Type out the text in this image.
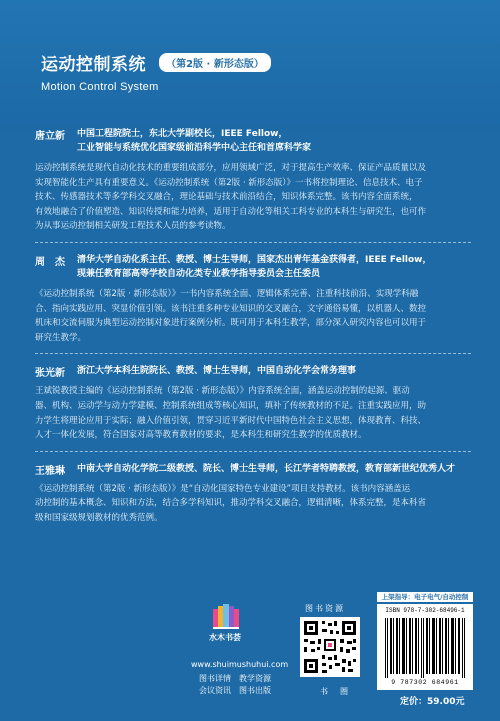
运动控制系统 （第2版 · 新形态版）
Motion Control System
唐立新	中国工程院院士，东北大学副校长，IEEE Fellow，
工业智能与系统优化国家级前沿科学中心主任和首席科学家
运动控制系统是现代自动化技术的重要组成部分，应用领域广泛，对于提高生产效率、保证产品质量以及
实现智能化生产具有重要意义。《运动控制系统（第2版 · 新形态版）》一书将控制理论、信息技术、电子
技术、传感器技术等多学科交叉融合，理论基础与技术前沿结合，知识体系完整。该书内容全面系统，
有效地融合了价值塑造、知识传授和能力培养，适用于自动化等相关工科专业的本科生与研究生，也可作
为从事运动控制相关研发工程技术人员的参考读物。
周　杰	清华大学自动化系主任、教授、博士生导师，国家杰出青年基金获得者，IEEE Fellow，
现兼任教育部高等学校自动化类专业教学指导委员会主任委员
《运动控制系统（第2版 · 新形态版）》一书内容系统全面、逻辑体系完善、注重科技前沿、实现学科融
合、指向实践应用、突显价值引领。该书注重多种专业知识的交叉融合，文字通俗易懂，以机器人、数控
机床和交流伺服为典型运动控制对象进行案例分析。既可用于本科生教学，部分深入研究内容也可以用于
研究生教学。
张光新	浙江大学本科生院院长、教授、博士生导师，中国自动化学会常务理事
王斌锐教授主编的《运动控制系统（第2版 · 新形态版）》内容系统全面，涵盖运动控制的起源、驱动
器、机构、运动学与动力学建模、控制系统组成等核心知识，填补了传统教材的不足。注重实践应用，助
力学生将理论应用于实际；融入价值引领，贯穿习近平新时代中国特色社会主义思想，体现教育、科技、
人才一体化发展，符合国家对高等教育教材的要求，是本科生和研究生教学的优质教材。
王雅琳	中南大学自动化学院二级教授、院长、博士生导师，长江学者特聘教授，教育部新世纪优秀人才
《运动控制系统（第2版 · 新形态版）》是“自动化国家特色专业建设”项目支持教材。该书内容涵盖运
动控制的基本概念、知识和方法，结合多学科知识，推动学科交叉融合，逻辑清晰，体系完整，是本科省
级和国家级规划教材的优秀范例。
水木书荟
www.shuimushuhui.com
图书详情　教学资源
会议资讯　图书出版
图书资源
书　圈
上架指导：电子电气/自动控制
ISBN 978-7-302-68496-1
9 787302 684961
定价：59.00元
